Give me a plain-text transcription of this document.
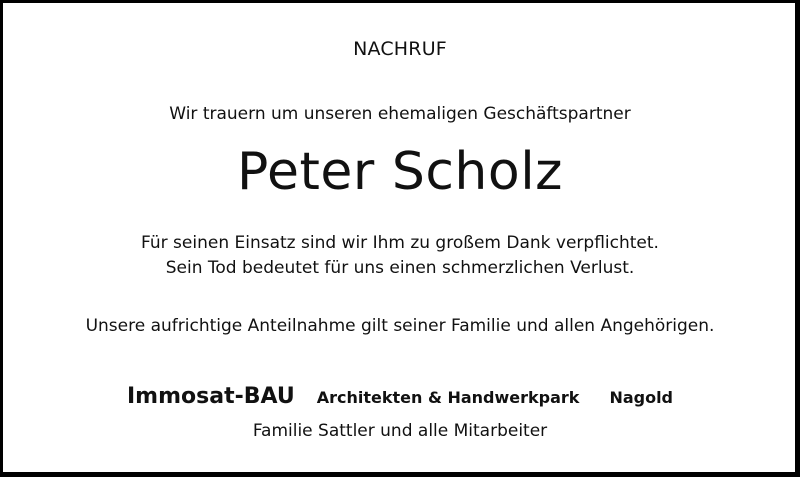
NACHRUF
Wir trauern um unseren ehemaligen Geschäftspartner
Peter Scholz
Für seinen Einsatz sind wir Ihm zu großem Dank verpflichtet.
Sein Tod bedeutet für uns einen schmerzlichen Verlust.
Unsere aufrichtige Anteilnahme gilt seiner Familie und allen Angehörigen.
Immosat-BAU Architekten & Handwerkpark Nagold
Familie Sattler und alle Mitarbeiter
